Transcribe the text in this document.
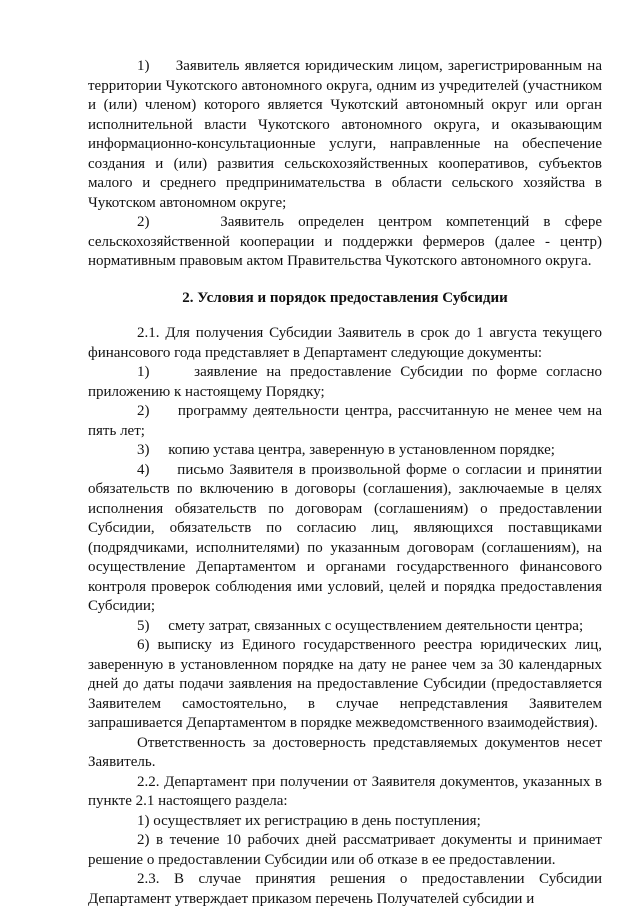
1)     Заявитель является юридическим лицом, зарегистрированным на территории Чукотского автономного округа, одним из учредителей (участником и (или) членом) которого является Чукотский автономный округ или орган исполнительной власти Чукотского автономного округа, и оказывающим информационно-консультационные услуги, направленные на обеспечение создания и (или) развития сельскохозяйственных кооперативов, субъектов малого и среднего предпринимательства в области сельского хозяйства в Чукотском автономном округе;

2)     Заявитель определен центром компетенций в сфере сельскохозяйственной кооперации и поддержки фермеров (далее - центр) нормативным правовым актом Правительства Чукотского автономного округа.

2. Условия и порядок предоставления Субсидии

2.1. Для получения Субсидии Заявитель в срок до 1 августа текущего финансового года представляет в Департамент следующие документы:

1)     заявление на предоставление Субсидии по форме согласно приложению к настоящему Порядку;

2)     программу деятельности центра, рассчитанную не менее чем на пять лет;

3)     копию устава центра, заверенную в установленном порядке;

4)     письмо Заявителя в произвольной форме о согласии и принятии обязательств по включению в договоры (соглашения), заключаемые в целях исполнения обязательств по договорам (соглашениям) о предоставлении Субсидии, обязательств по согласию лиц, являющихся поставщиками (подрядчиками, исполнителями) по указанным договорам (соглашениям), на осуществление Департаментом и органами государственного финансового контроля проверок соблюдения ими условий, целей и порядка предоставления Субсидии;

5)     смету затрат, связанных с осуществлением деятельности центра;

6) выписку из Единого государственного реестра юридических лиц, заверенную в установленном порядке на дату не ранее чем за 30 календарных дней до даты подачи заявления на предоставление Субсидии (предоставляется Заявителем самостоятельно, в случае непредставления Заявителем запрашивается Департаментом в порядке межведомственного взаимодействия).

Ответственность за достоверность представляемых документов несет Заявитель.

2.2. Департамент при получении от Заявителя документов, указанных в пункте 2.1 настоящего раздела:

1) осуществляет их регистрацию в день поступления;

2) в течение 10 рабочих дней рассматривает документы и принимает решение о предоставлении Субсидии или об отказе в ее предоставлении.

2.3. В случае принятия решения о предоставлении Субсидии Департамент утверждает приказом перечень Получателей субсидии и
